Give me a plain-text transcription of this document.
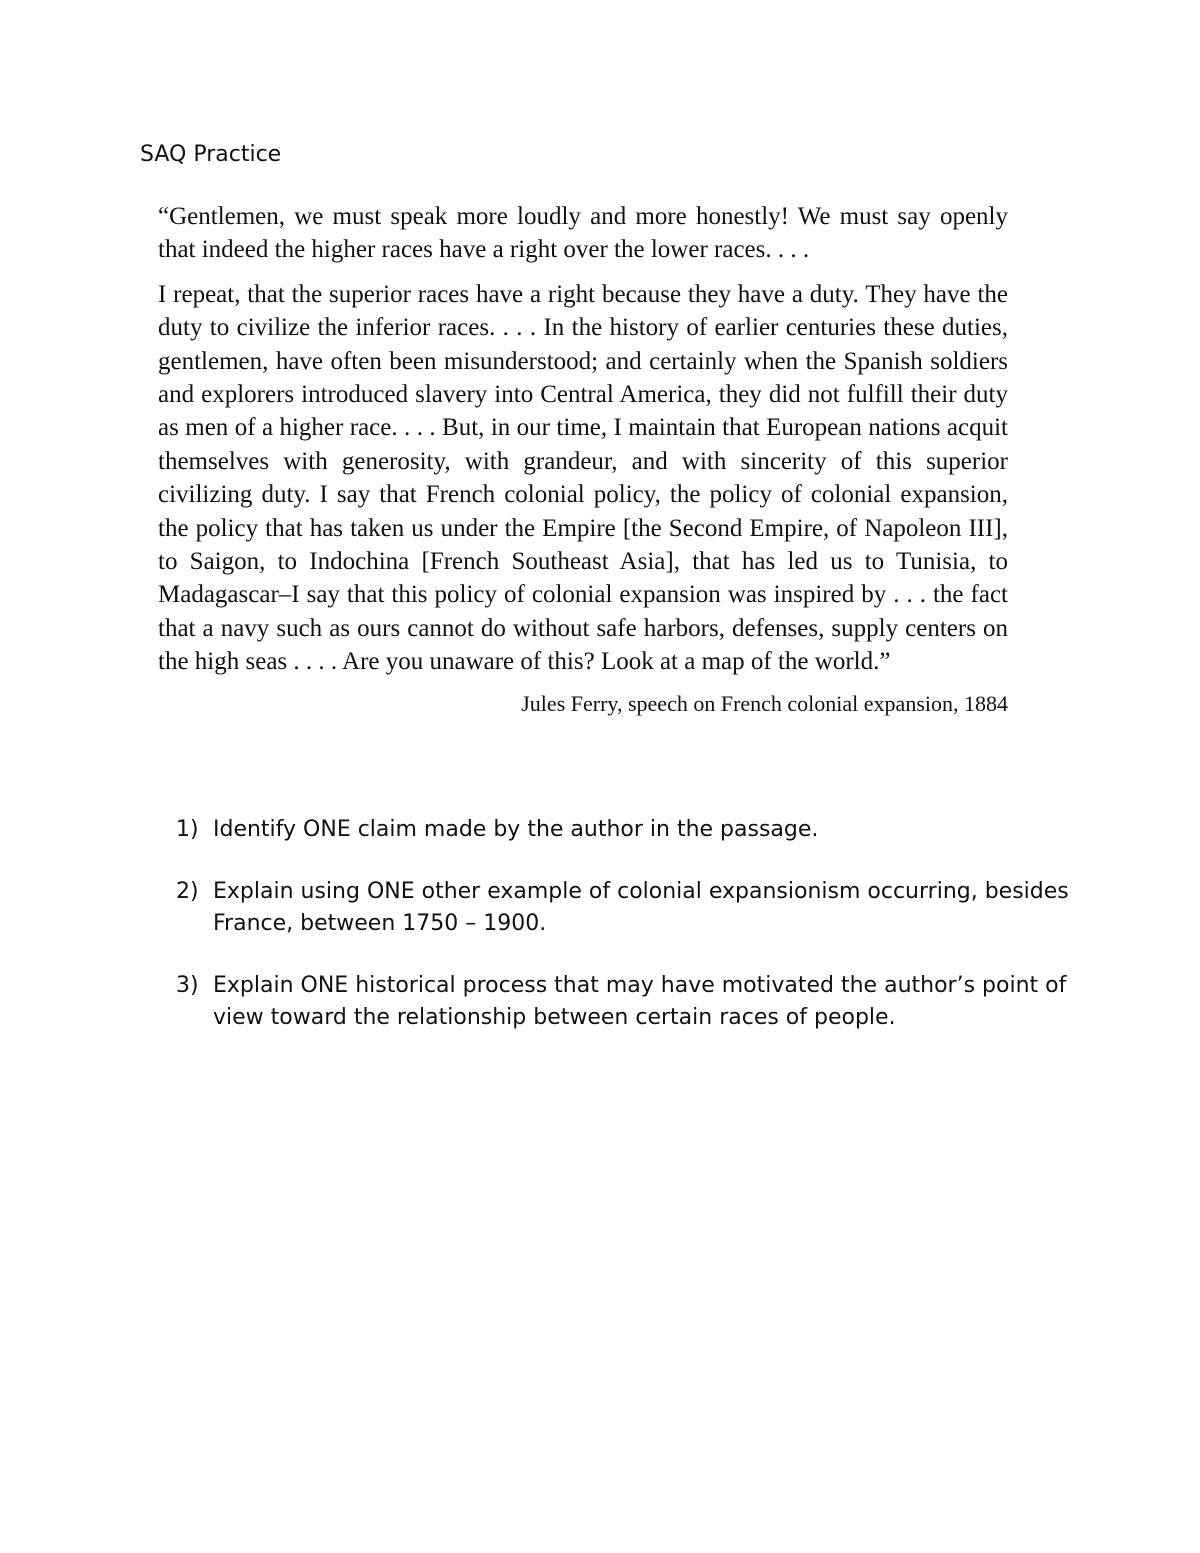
SAQ Practice

“Gentlemen, we must speak more loudly and more honestly! We must say openly that indeed the higher races have a right over the lower races. . . .

I repeat, that the superior races have a right because they have a duty. They have the duty to civilize the inferior races. . . . In the history of earlier centuries these duties, gentlemen, have often been misunderstood; and certainly when the Spanish soldiers and explorers introduced slavery into Central America, they did not fulfill their duty as men of a higher race. . . . But, in our time, I maintain that European nations acquit themselves with generosity, with grandeur, and with sincerity of this superior civilizing duty. I say that French colonial policy, the policy of colonial expansion, the policy that has taken us under the Empire [the Second Empire, of Napoleon III], to Saigon, to Indochina [French Southeast Asia], that has led us to Tunisia, to Madagascar–I say that this policy of colonial expansion was inspired by . . . the fact that a navy such as ours cannot do without safe harbors, defenses, supply centers on the high seas . . . . Are you unaware of this? Look at a map of the world.”

Jules Ferry, speech on French colonial expansion, 1884

1) Identify ONE claim made by the author in the passage.
2) Explain using ONE other example of colonial expansionism occurring, besides France, between 1750 – 1900.
3) Explain ONE historical process that may have motivated the author’s point of view toward the relationship between certain races of people.
